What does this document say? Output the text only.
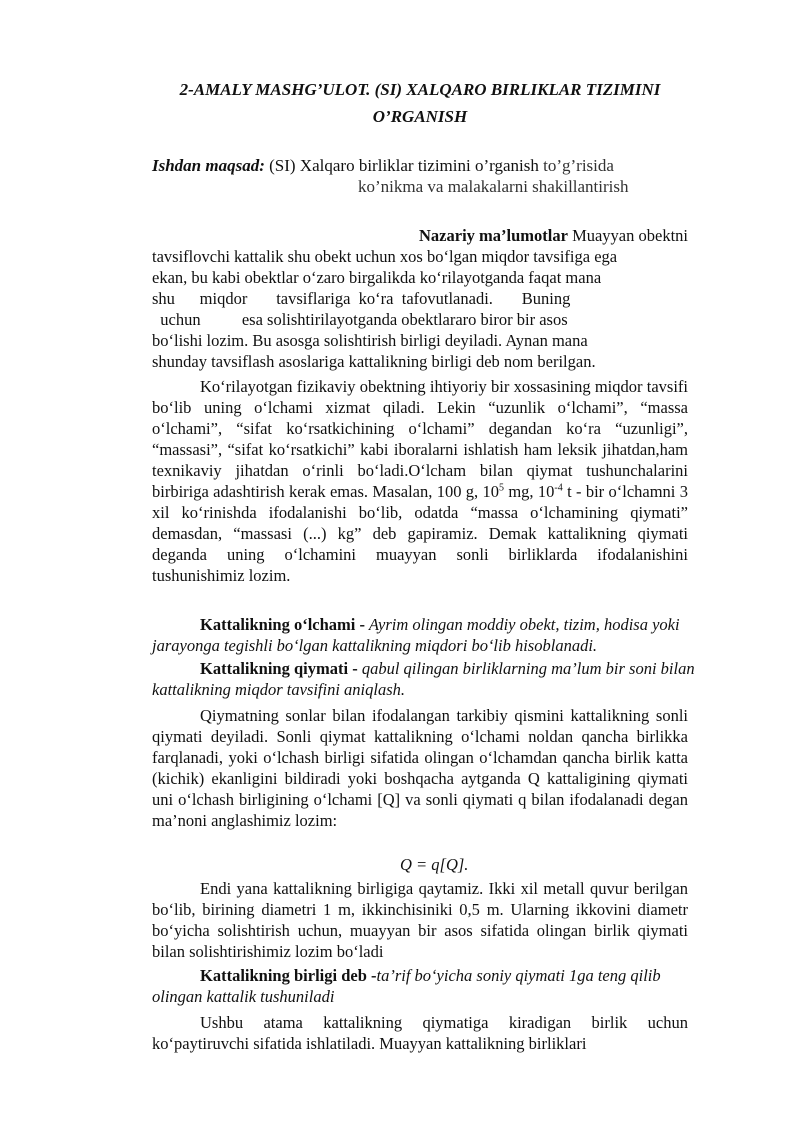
2-AMALY MASHG’ULOT. (SI) XALQARO BIRLIKLAR TIZIMINI
O’RGANISH

Ishdan maqsad: (SI) Xalqaro birliklar tizimini o’rganish to’g’risida

ko’nikma va malakalarni shakillantirish
Nazariy ma’lumotlar Muayyan obektni
tavsiflovchi kattalik shu obekt uchun xos bo‘lgan miqdor tavsifiga ega
ekan, bu kabi obektlar o‘zaro birgalikda ko‘rilayotganda faqat mana
shu      miqdor       tavsiflariga  ko‘ra  tafovutlanadi.       Buning
uchun          esa solishtirilayotganda obektlararo biror bir asos
bo‘lishi lozim. Bu asosga solishtirish birligi deyiladi. Aynan mana
shunday tavsiflash asoslariga kattalikning birligi deb nom berilgan.

Ko‘rilayotgan fizikaviy obektning ihtiyoriy bir xossasining miqdor tavsifi bo‘lib uning o‘lchami xizmat qiladi. Lekin “uzunlik o‘lchami”, “massa o‘lchami”, “sifat ko‘rsatkichining o‘lchami” degandan ko‘ra “uzunligi”, “massasi”, “sifat ko‘rsatkichi” kabi iboralarni ishlatish ham leksik jihatdan,ham texnikaviy jihatdan o‘rinli bo‘ladi.O‘lcham bilan qiymat tushunchalarini birbiriga adashtirish kerak emas. Masalan, 100 g, $10^5$ mg, $10^{-4}$ t - bir o‘lchamni 3 xil ko‘rinishda ifodalanishi bo‘lib, odatda “massa o‘lchamining qiymati” demasdan, “massasi (...) kg” deb gapiramiz. Demak kattalikning qiymati deganda uning o‘lchamini muayyan sonli birliklarda ifodalanishini tushunishimiz lozim.

Kattalikning o‘lchami - Ayrim olingan moddiy obekt, tizim, hodisa yoki jarayonga tegishli bo‘lgan kattalikning miqdori bo‘lib hisoblanadi.

Kattalikning qiymati - qabul qilingan birliklarning ma’lum bir soni bilan kattalikning miqdor tavsifini aniqlash.

Qiymatning sonlar bilan ifodalangan tarkibiy qismini kattalikning sonli qiymati deyiladi. Sonli qiymat kattalikning o‘lchami noldan qancha birlikka farqlanadi, yoki o‘lchash birligi sifatida olingan o‘lchamdan qancha birlik katta (kichik) ekanligini bildiradi yoki boshqacha aytganda Q kattaligining qiymati uni o‘lchash birligining o‘lchami [Q] va sonli qiymati q bilan ifodalanadi degan ma’noni anglashimiz lozim:

Q = q[Q].

Endi yana kattalikning birligiga qaytamiz. Ikki xil metall quvur berilgan bo‘lib, birining diametri 1 m, ikkinchisiniki 0,5 m. Ularning ikkovini diametr bo‘yicha solishtirish uchun, muayyan bir asos sifatida olingan birlik qiymati bilan solishtirishimiz lozim bo‘ladi

Kattalikning birligi deb -ta’rif bo‘yicha soniy qiymati 1ga teng qilib olingan kattalik tushuniladi

Ushbu atama kattalikning qiymatiga kiradigan birlik uchun ko‘paytiruvchi sifatida ishlatiladi. Muayyan kattalikning birliklari
